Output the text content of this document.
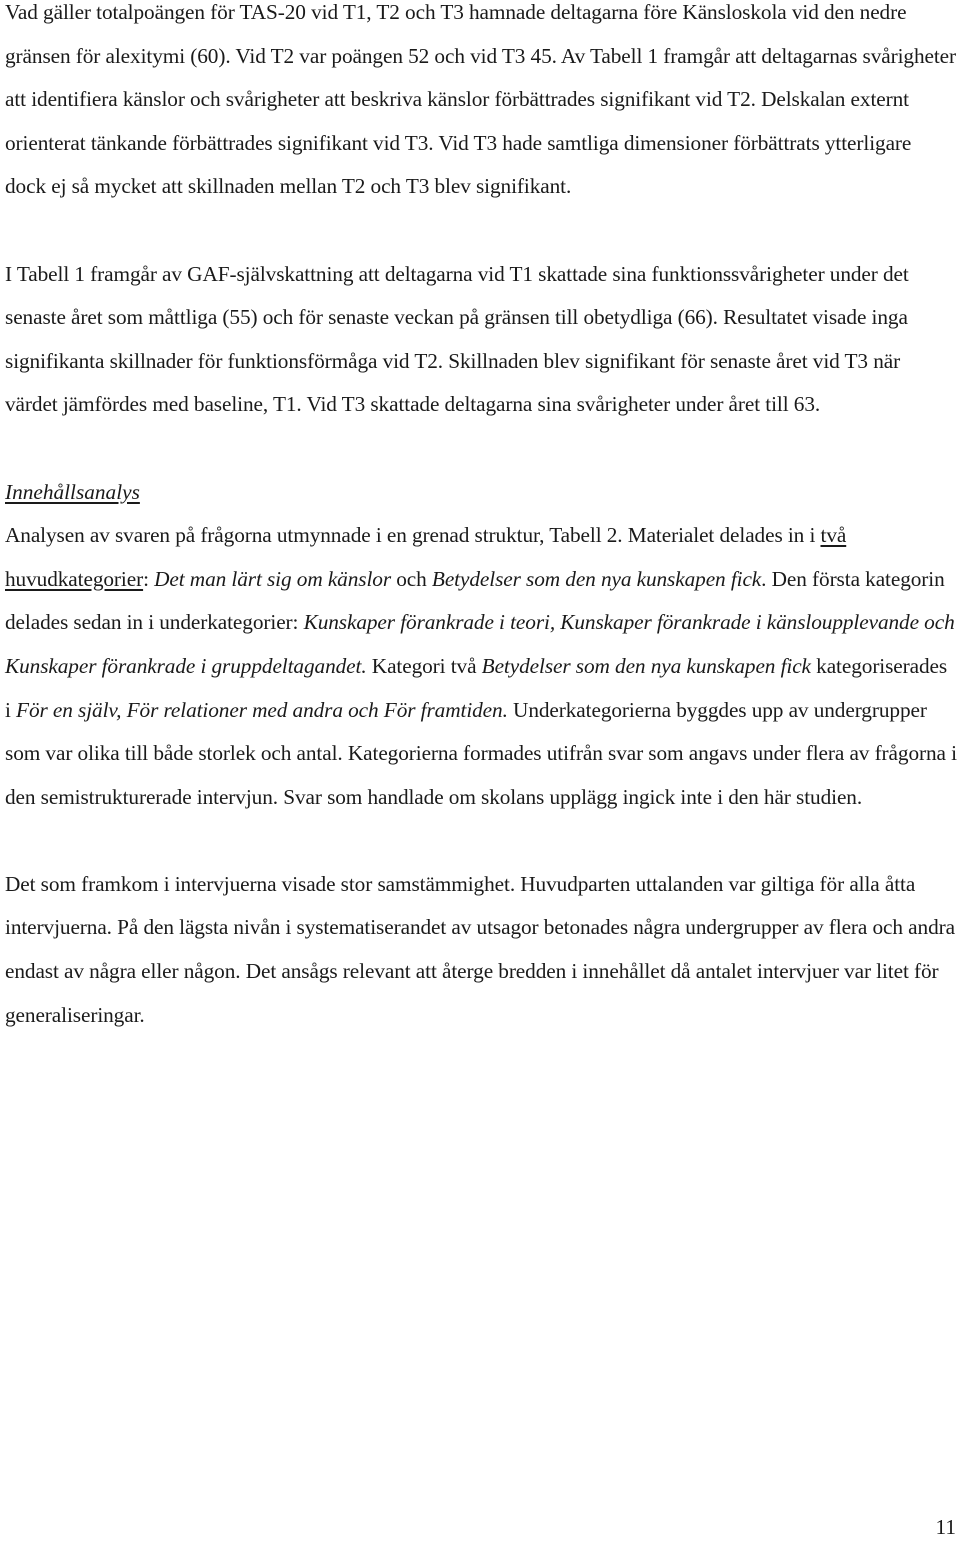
Vad gäller totalpoängen för TAS-20 vid T1, T2 och T3 hamnade deltagarna före Känsloskola vid den nedre gränsen för alexitymi (60). Vid T2 var poängen 52 och vid T3 45. Av Tabell 1 framgår att deltagarnas svårigheter att identifiera känslor och svårigheter att beskriva känslor förbättrades signifikant vid T2. Delskalan externt orienterat tänkande förbättrades signifikant vid T3. Vid T3 hade samtliga dimensioner förbättrats ytterligare dock ej så mycket att skillnaden mellan T2 och T3 blev signifikant.

I Tabell 1 framgår av GAF-självskattning att deltagarna vid T1 skattade sina funktionssvårigheter under det senaste året som måttliga (55) och för senaste veckan på gränsen till obetydliga (66). Resultatet visade inga signifikanta skillnader för funktionsförmåga vid T2. Skillnaden blev signifikant för senaste året vid T3 när värdet jämfördes med baseline, T1. Vid T3 skattade deltagarna sina svårigheter under året till 63.

Innehållsanalys

Analysen av svaren på frågorna utmynnade i en grenad struktur, Tabell 2. Materialet delades in i två huvudkategorier: Det man lärt sig om känslor och Betydelser som den nya kunskapen fick. Den första kategorin delades sedan in i underkategorier: Kunskaper förankrade i teori, Kunskaper förankrade i känsloupplevande och Kunskaper förankrade i gruppdeltagandet. Kategori två Betydelser som den nya kunskapen fick kategoriserades i För en själv, För relationer med andra och För framtiden. Underkategorierna byggdes upp av undergrupper som var olika till både storlek och antal. Kategorierna formades utifrån svar som angavs under flera av frågorna i den semistrukturerade intervjun. Svar som handlade om skolans upplägg ingick inte i den här studien.

Det som framkom i intervjuerna visade stor samstämmighet. Huvudparten uttalanden var giltiga för alla åtta intervjuerna. På den lägsta nivån i systematiserandet av utsagor betonades några undergrupper av flera och andra endast av några eller någon. Det ansågs relevant att återge bredden i innehållet då antalet intervjuer var litet för generaliseringar.

11
